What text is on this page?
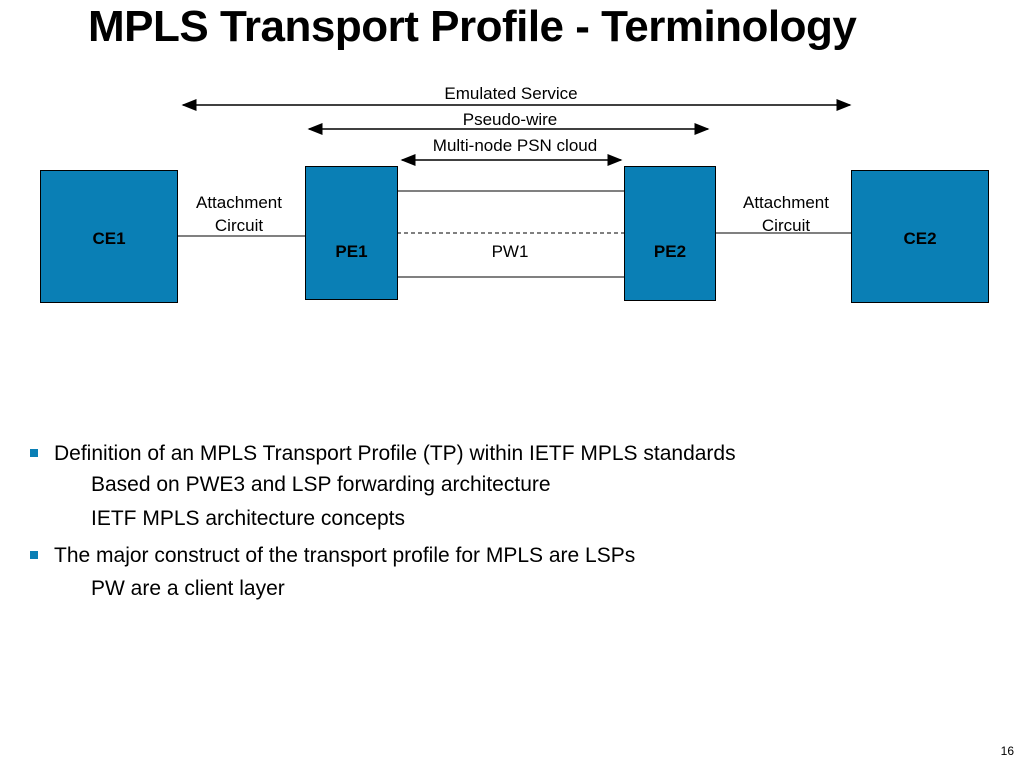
MPLS Transport Profile - Terminology
Emulated Service
Pseudo-wire
Multi-node PSN cloud
Attachment
Circuit
Attachment
Circuit
PW1
CE1
PE1	PE2
CE2
Definition of an MPLS Transport Profile (TP) within IETF MPLS standards
Based on PWE3 and LSP forwarding architecture
IETF MPLS architecture concepts
The major construct of the transport profile for MPLS are LSPs
PW are a client layer
16
